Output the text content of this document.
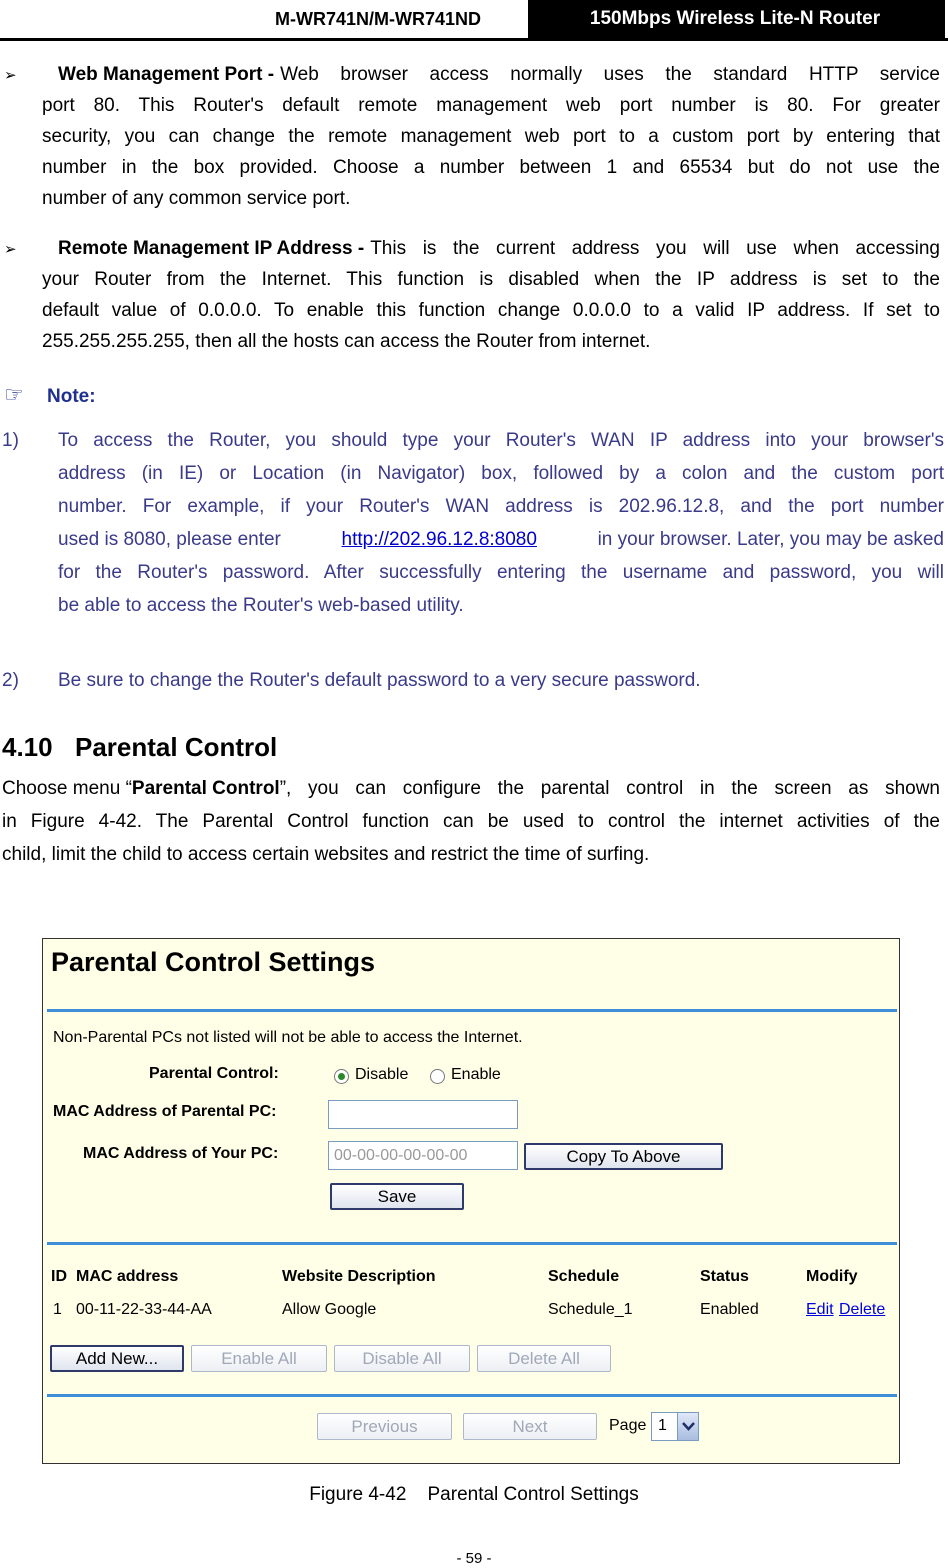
M-WR741N/M-WR741ND	150Mbps Wireless Lite-N Router
➢ Web Management Port - Web browser access normally uses the standard HTTP service
port 80. This Router's default remote management web port number is 80. For greater
security, you can change the remote management web port to a custom port by entering that
number in the box provided. Choose a number between 1 and 65534 but do not use the
number of any common service port.
➢ Remote Management IP Address - This is the current address you will use when accessing
your Router from the Internet. This function is disabled when the IP address is set to the
default value of 0.0.0.0. To enable this function change 0.0.0.0 to a valid IP address. If set to
255.255.255.255, then all the hosts can access the Router from internet.
☞ Note:
1) To access the Router, you should type your Router's WAN IP address into your browser's
address (in IE) or Location (in Navigator) box, followed by a colon and the custom port
number. For example, if your Router's WAN address is 202.96.12.8, and the port number
used is 8080, please enter	http://202.96.12.8:8080	in your browser. Later, you may be asked
for the Router's password. After successfully entering the username and password, you will
be able to access the Router's web-based utility.
2) Be sure to change the Router's default password to a very secure password.
4.10 Parental Control
Choose menu “ Parental Control ”, you can configure the parental control in the screen as shown
in Figure 4-42. The Parental Control function can be used to control the internet activities of the
child, limit the child to access certain websites and restrict the time of surfing.
Parental Control Settings
Non-Parental PCs not listed will not be able to access the Internet.
Parental Control:	Disable	Enable
MAC Address of Parental PC:
MAC Address of Your PC:	00-00-00-00-00-00	Copy To Above
Save
ID MAC address	Website Description	Schedule	Status	Modify
1 00-11-22-33-44-AA	Allow Google	Schedule_1	Enabled	Edit Delete
Add New...	Enable All	Disable All	Delete All
Previous	Next	Page 1
Figure 4-42    Parental Control Settings
- 59 -
